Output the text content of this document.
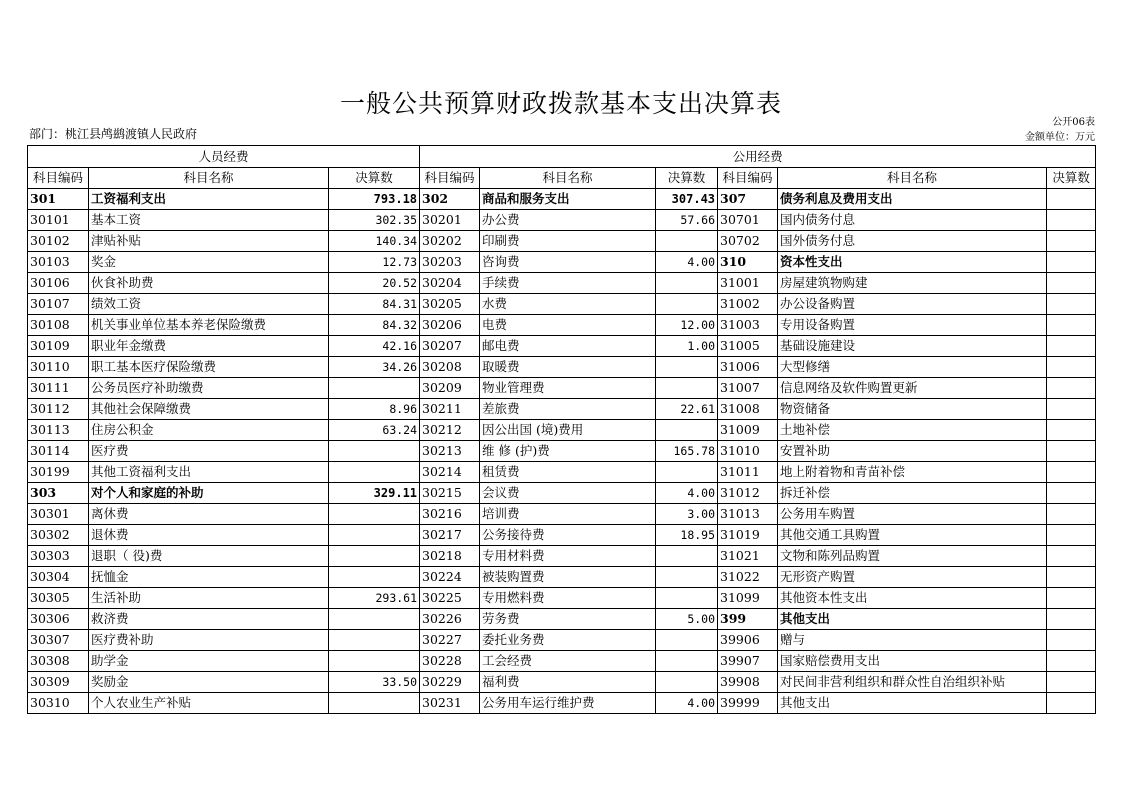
一般公共预算财政拨款基本支出决算表
公开06表
部门：桃江县鸬鹚渡镇人民政府	金额单位：万元
人员经费			公用经费					
科目编码	科目名称	决算数	科目编码	科目名称	决算数	科目编码	科目名称	决算数
301	工资福利支出	793.18	302	商品和服务支出	307.43	307	债务利息及费用支出	
30101	基本工资	302.35	30201	办公费	57.66	30701	国内债务付息	
30102	津贴补贴	140.34	30202	印刷费		30702	国外债务付息	
30103	奖金	12.73	30203	咨询费	4.00	310	资本性支出	
30106	伙食补助费	20.52	30204	手续费		31001	房屋建筑物购建	
30107	绩效工资	84.31	30205	水费		31002	办公设备购置	
30108	机关事业单位基本养老保险缴费	84.32	30206	电费	12.00	31003	专用设备购置	
30109	职业年金缴费	42.16	30207	邮电费	1.00	31005	基础设施建设	
30110	职工基本医疗保险缴费	34.26	30208	取暖费		31006	大型修缮	
30111	公务员医疗补助缴费		30209	物业管理费		31007	信息网络及软件购置更新	
30112	其他社会保障缴费	8.96	30211	差旅费	22.61	31008	物资储备	
30113	住房公积金	63.24	30212	因公出国 (境)费用		31009	土地补偿	
30114	医疗费		30213	维 修 (护)费	165.78	31010	安置补助	
30199	其他工资福利支出		30214	租赁费		31011	地上附着物和青苗补偿	
303	对个人和家庭的补助	329.11	30215	会议费	4.00	31012	拆迁补偿	
30301	离休费		30216	培训费	3.00	31013	公务用车购置	
30302	退休费		30217	公务接待费	18.95	31019	其他交通工具购置	
30303	退职（ 役)费		30218	专用材料费		31021	文物和陈列品购置	
30304	抚恤金		30224	被装购置费		31022	无形资产购置	
30305	生活补助	293.61	30225	专用燃料费		31099	其他资本性支出	
30306	救济费		30226	劳务费	5.00	399	其他支出	
30307	医疗费补助		30227	委托业务费		39906	赠与	
30308	助学金		30228	工会经费		39907	国家赔偿费用支出	
30309	奖励金	33.50	30229	福利费		39908	对民间非营利组织和群众性自治组织补贴	
30310	个人农业生产补贴		30231	公务用车运行维护费	4.00	39999	其他支出	
